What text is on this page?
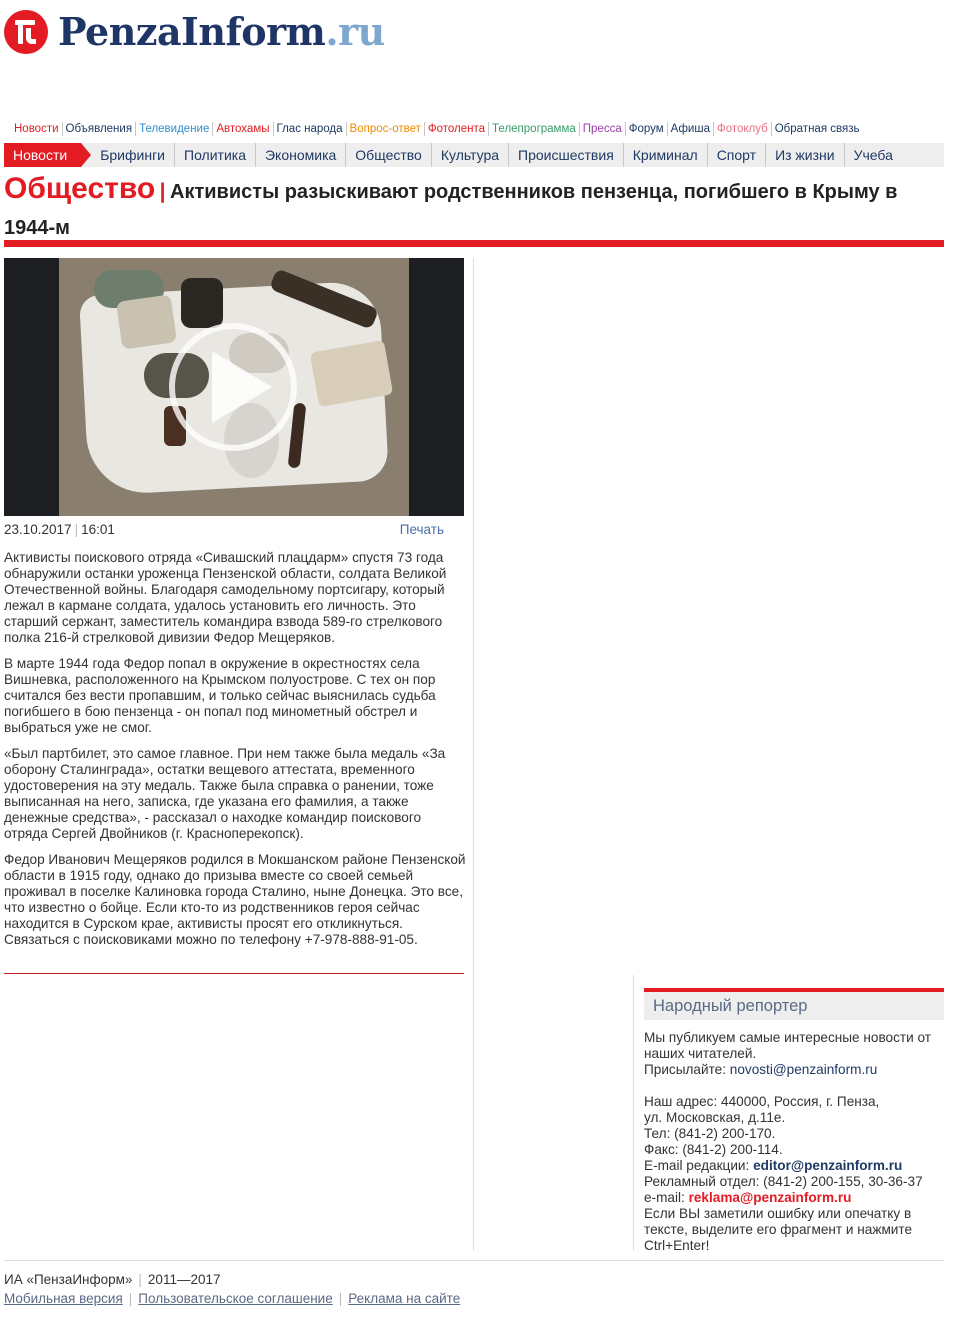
PenzaInform.ru
Новости Объявления Телевидение Автохамы Глас народа Вопрос-ответ Фотолента Телепрограмма Пресса Форум Афиша Фотоклуб Обратная связь
Новости	Брифинги	Политика	Экономика	Общество	Культура	Происшествия	Криминал	Спорт	Из жизни	Учеба
Общество | Активисты разыскивают родственников пензенца, погибшего в Крыму в 1944-м
23.10.2017 | 16:01	Печать

Активисты поискового отряда «Сивашский плацдарм» спустя 73 года обнаружили останки уроженца Пензенской области, солдата Великой Отечественной войны. Благодаря самодельному портсигару, который лежал в кармане солдата, удалось установить его личность. Это старший сержант, заместитель командира взвода 589-го стрелкового полка 216-й стрелковой дивизии Федор Мещеряков.

В марте 1944 года Федор попал в окружение в окрестностях села Вишневка, расположенного на Крымском полуострове. С тех он пор считался без вести пропавшим, и только сейчас выяснилась судьба погибшего в бою пензенца - он попал под минометный обстрел и выбраться уже не смог.

«Был партбилет, это самое главное. При нем также была медаль «За оборону Сталинграда», остатки вещевого аттестата, временного удостоверения на эту медаль. Также была справка о ранении, тоже выписанная на него, записка, где указана его фамилия, а также денежные средства», - рассказал о находке командир поискового отряда Сергей Двойников (г. Красноперекопск).

Федор Иванович Мещеряков родился в Мокшанском районе Пензенской области в 1915 году, однако до призыва вместе со своей семьей проживал в поселке Калиновка города Сталино, ныне Донецка. Это все, что известно о бойце. Если кто-то из родственников героя сейчас находится в Сурском крае, активисты просят его откликнуться. Связаться с поисковиками можно по телефону +7-978-888-91-05.

Народный репортер
Мы публикуем самые интересные новости от наших читателей.
Присылайте: novosti@penzainform.ru
Наш адрес: 440000, Россия, г. Пенза,
ул. Московская, д.11е.
Тел: (841-2) 200-170.
Факс: (841-2) 200-114.
E-mail редакции: editor@penzainform.ru
Рекламный отдел: (841-2) 200-155, 30-36-37
e-mail: reklama@penzainform.ru
Если ВЫ заметили ошибку или опечатку в тексте, выделите его фрагмент и нажмите Ctrl+Enter!
ИА «ПензаИнформ» | 2011—2017
Мобильная версия | Пользовательское соглашение | Реклама на сайте
